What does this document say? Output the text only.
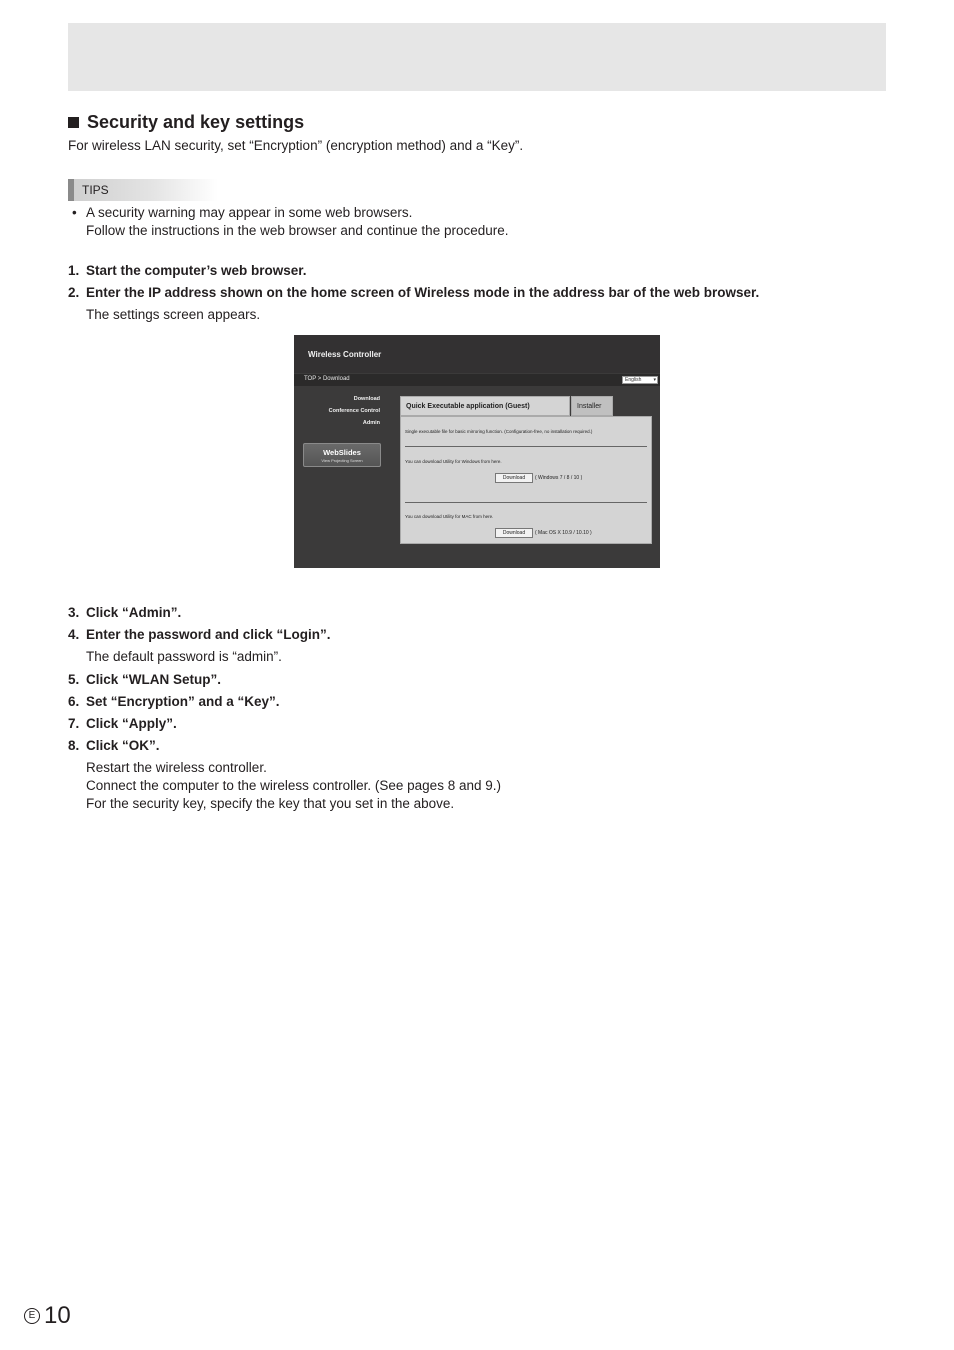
Security and key settings
For wireless LAN security, set “Encryption” (encryption method) and a “Key”.
TIPS
• A security warning may appear in some web browsers.
Follow the instructions in the web browser and continue the procedure.
1. Start the computer’s web browser.
2. Enter the IP address shown on the home screen of Wireless mode in the address bar of the web browser.
The settings screen appears.
Wireless Controller
TOP > Download	English ▾
Download
Conference Control
Admin
WebSlides
View Projecting Screen
Quick Executable application (Guest)	Installer
Single executable file for basic mirroring function. (Configuration-free, no installation required.)
You can download Utility for Windows from here.
Download	( Windows 7 / 8 / 10 )
You can download Utility for MAC from here.
Download	( Mac OS X 10.9 / 10.10 )
3. Click “Admin”.
4. Enter the password and click “Login”.
The default password is “admin”.
5. Click “WLAN Setup”.
6. Set “Encryption” and a “Key”.
7. Click “Apply”.
8. Click “OK”.
Restart the wireless controller.
Connect the computer to the wireless controller. (See pages 8 and 9.)
For the security key, specify the key that you set in the above.
E 10
